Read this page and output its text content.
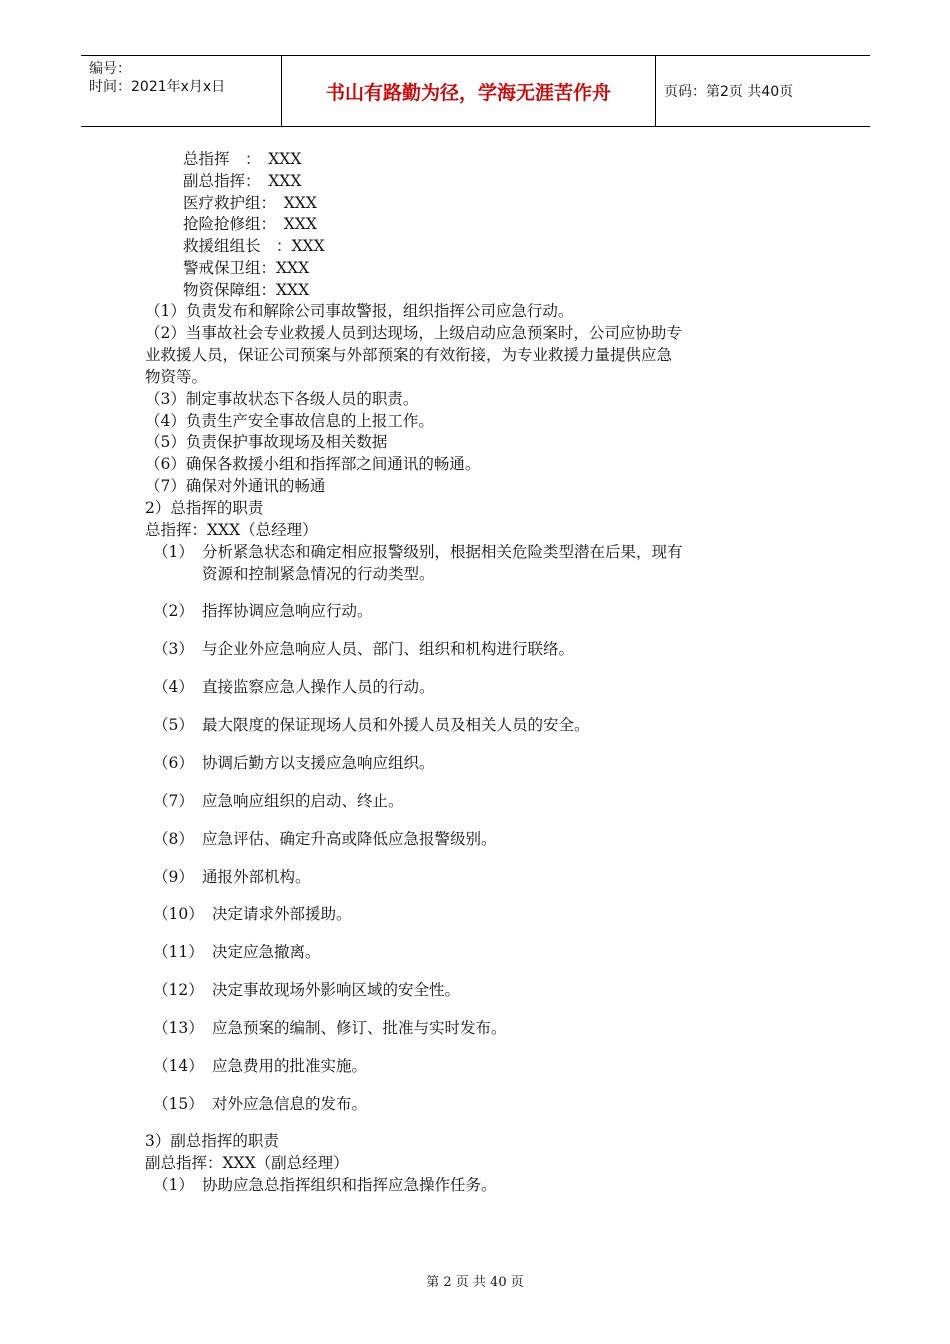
编号：
时间：2021年x月x日	书山有路勤为径，学海无涯苦作舟	页码：第2页 共40页
总指挥　：　XXX
副总指挥：　XXX
医疗救护组：　XXX
抢险抢修组：　XXX
救援组组长　：XXX
警戒保卫组：XXX
物资保障组：XXX
（1）负责发布和解除公司事故警报，组织指挥公司应急行动。
（2）当事故社会专业救援人员到达现场，上级启动应急预案时，公司应协助专
业救援人员，保证公司预案与外部预案的有效衔接，为专业救援力量提供应急
物资等。
（3）制定事故状态下各级人员的职责。
（4）负责生产安全事故信息的上报工作。
（5）负责保护事故现场及相关数据
（6）确保各救援小组和指挥部之间通讯的畅通。
（7）确保对外通讯的畅通
2）总指挥的职责
总指挥：XXX（总经理）
（1） 分析紧急状态和确定相应报警级别，根据相关危险类型潜在后果，现有
资源和控制紧急情况的行动类型。
（2） 指挥协调应急响应行动。
（3） 与企业外应急响应人员、部门、组织和机构进行联络。
（4） 直接监察应急人操作人员的行动。
（5） 最大限度的保证现场人员和外援人员及相关人员的安全。
（6） 协调后勤方以支援应急响应组织。
（7） 应急响应组织的启动、终止。
（8） 应急评估、确定升高或降低应急报警级别。
（9） 通报外部机构。
（10） 决定请求外部援助。
（11） 决定应急撤离。
（12） 决定事故现场外影响区域的安全性。
（13） 应急预案的编制、修订、批准与实时发布。
（14） 应急费用的批准实施。
（15） 对外应急信息的发布。
3）副总指挥的职责
副总指挥：XXX（副总经理）
（1） 协助应急总指挥组织和指挥应急操作任务。
第 2 页 共 40 页
